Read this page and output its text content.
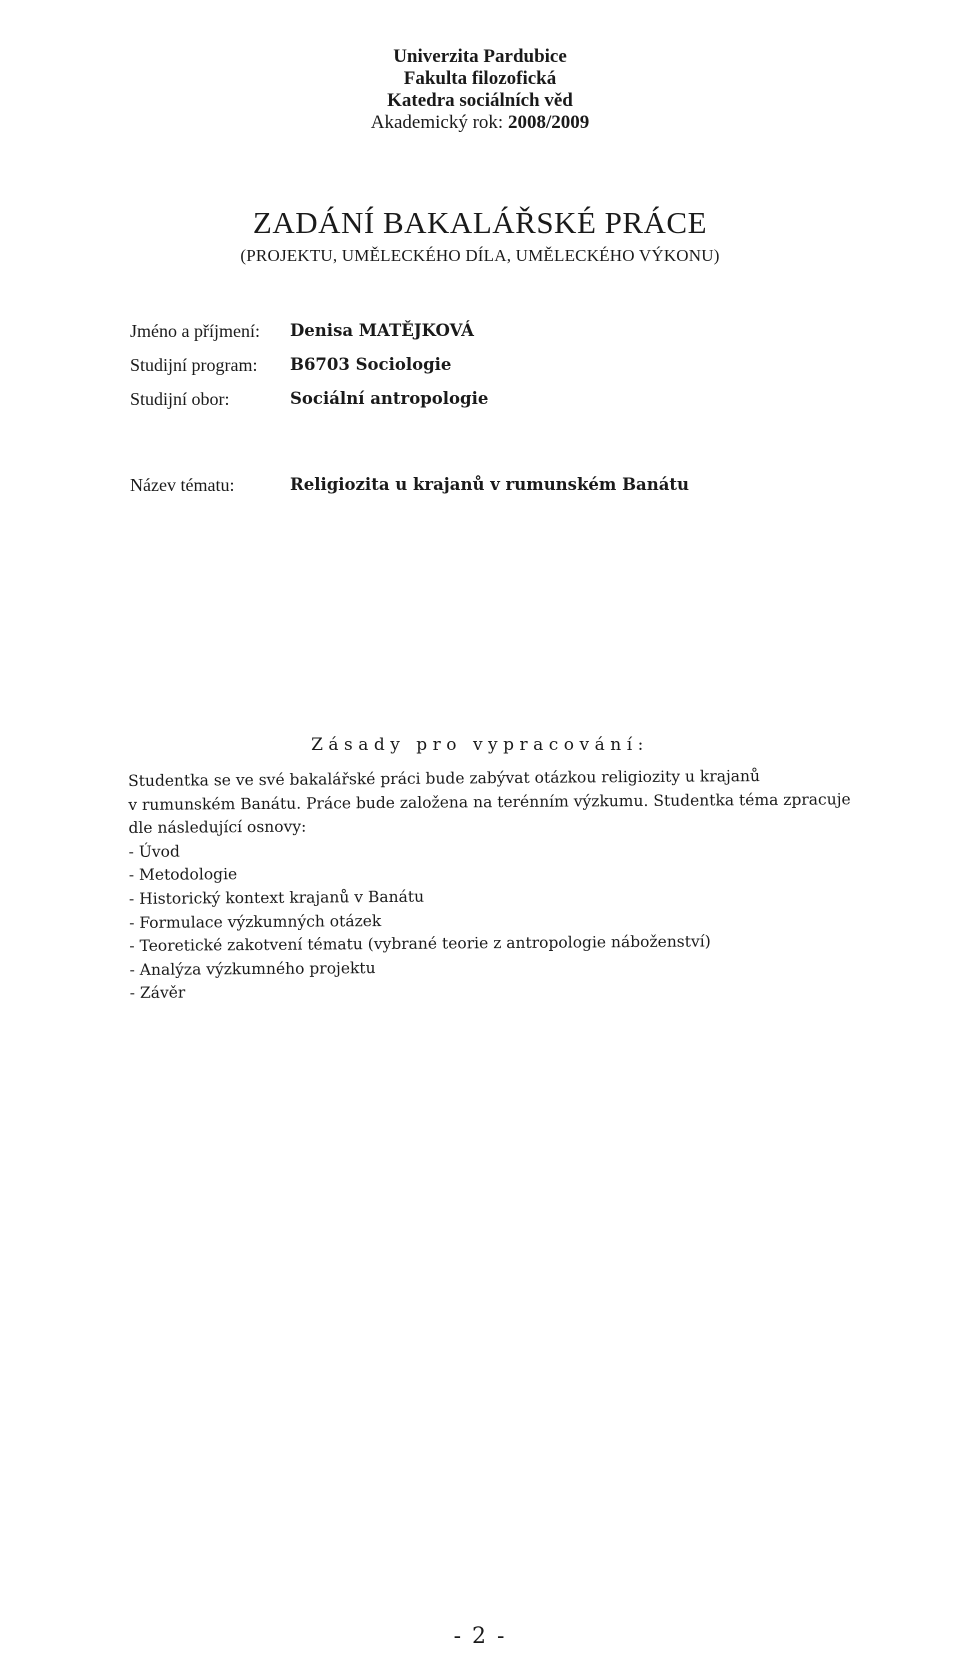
Univerzita Pardubice
Fakulta filozofická
Katedra sociálních věd
Akademický rok: 2008/2009
ZADÁNÍ BAKALÁŘSKÉ PRÁCE
(PROJEKTU, UMĚLECKÉHO DÍLA, UMĚLECKÉHO VÝKONU)
Jméno a příjmení:	Denisa MATĚJKOVÁ
Studijní program:	B6703 Sociologie
Studijní obor:	Sociální antropologie
Název tématu:	Religiozita u krajanů v rumunském Banátu
Zásady pro vypracování:

Studentka se ve své bakalářské práci bude zabývat otázkou religiozity u krajanů

v rumunském Banátu. Práce bude založena na terénním výzkumu. Studentka téma zpracuje

dle následující osnovy:

- Úvod
- Metodologie
- Historický kontext krajanů v Banátu
- Formulace výzkumných otázek
- Teoretické zakotvení tématu (vybrané teorie z antropologie náboženství)
- Analýza výzkumného projektu
- Závěr
- 2 -
